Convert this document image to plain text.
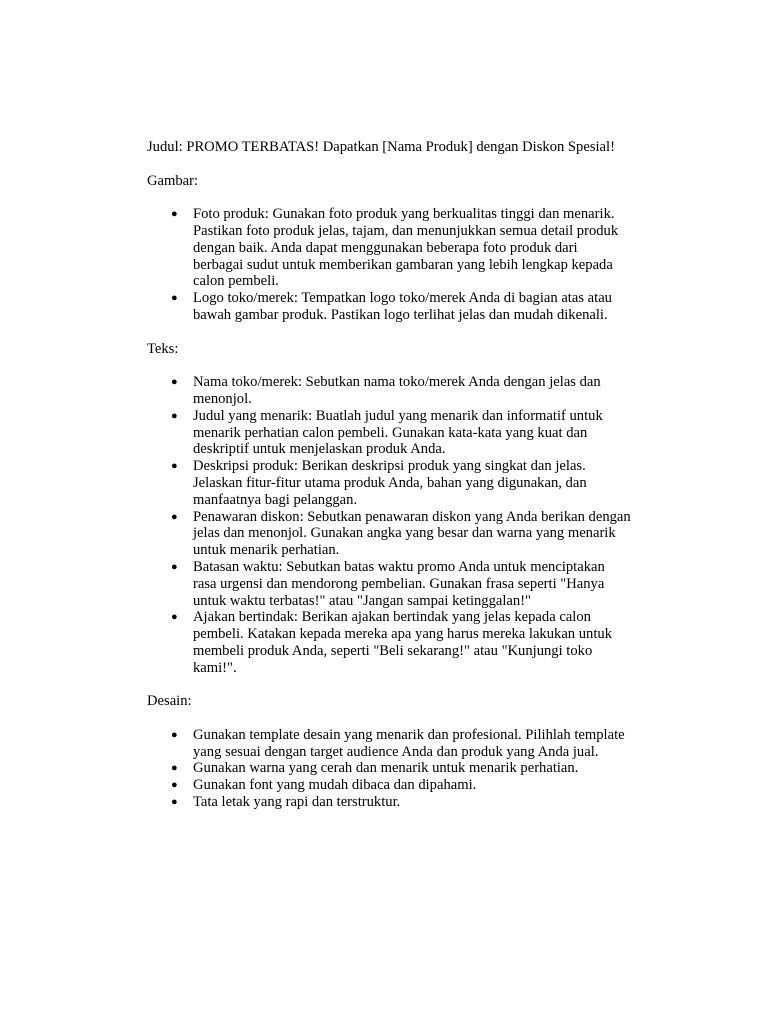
Judul: PROMO TERBATAS! Dapatkan [Nama Produk] dengan Diskon Spesial!

Gambar:

● Foto produk: Gunakan foto produk yang berkualitas tinggi dan menarik.
Pastikan foto produk jelas, tajam, dan menunjukkan semua detail produk
dengan baik. Anda dapat menggunakan beberapa foto produk dari
berbagai sudut untuk memberikan gambaran yang lebih lengkap kepada
calon pembeli.
● Logo toko/merek: Tempatkan logo toko/merek Anda di bagian atas atau
bawah gambar produk. Pastikan logo terlihat jelas dan mudah dikenali.

Teks:

● Nama toko/merek: Sebutkan nama toko/merek Anda dengan jelas dan
menonjol.
● Judul yang menarik: Buatlah judul yang menarik dan informatif untuk
menarik perhatian calon pembeli. Gunakan kata-kata yang kuat dan
deskriptif untuk menjelaskan produk Anda.
● Deskripsi produk: Berikan deskripsi produk yang singkat dan jelas.
Jelaskan fitur-fitur utama produk Anda, bahan yang digunakan, dan
manfaatnya bagi pelanggan.
● Penawaran diskon: Sebutkan penawaran diskon yang Anda berikan dengan
jelas dan menonjol. Gunakan angka yang besar dan warna yang menarik
untuk menarik perhatian.
● Batasan waktu: Sebutkan batas waktu promo Anda untuk menciptakan
rasa urgensi dan mendorong pembelian. Gunakan frasa seperti "Hanya
untuk waktu terbatas!" atau "Jangan sampai ketinggalan!"
● Ajakan bertindak: Berikan ajakan bertindak yang jelas kepada calon
pembeli. Katakan kepada mereka apa yang harus mereka lakukan untuk
membeli produk Anda, seperti "Beli sekarang!" atau "Kunjungi toko
kami!".

Desain:

● Gunakan template desain yang menarik dan profesional. Pilihlah template
yang sesuai dengan target audience Anda dan produk yang Anda jual.
● Gunakan warna yang cerah dan menarik untuk menarik perhatian.
● Gunakan font yang mudah dibaca dan dipahami.
● Tata letak yang rapi dan terstruktur.
